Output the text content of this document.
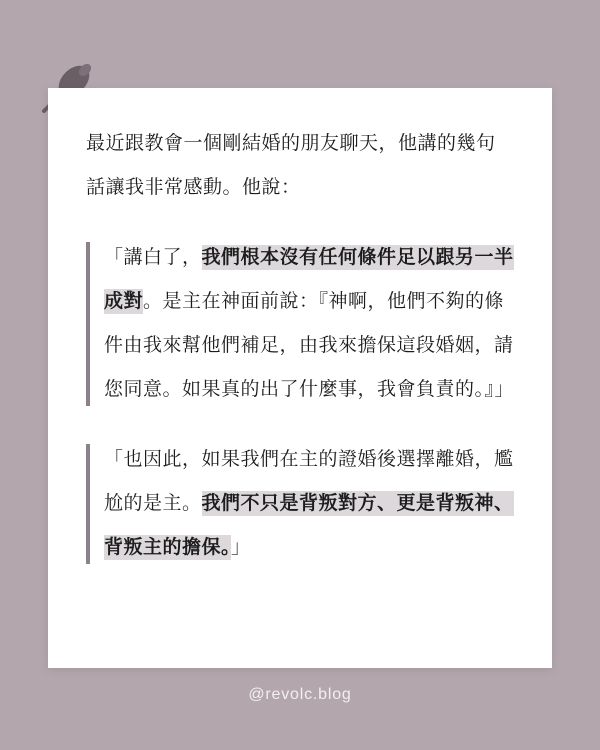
最近跟教會一個剛結婚的朋友聊天，他講的幾句話讓我非常感動。他說：

「講白了，我們根本沒有任何條件足以跟另一半成對。是主在神面前說：『神啊，他們不夠的條件由我來幫他們補足，由我來擔保這段婚姻，請您同意。如果真的出了什麼事，我會負責的。』」

「也因此，如果我們在主的證婚後選擇離婚，尷尬的是主。我們不只是背叛對方、更是背叛神、背叛主的擔保。」

@revolc.blog
